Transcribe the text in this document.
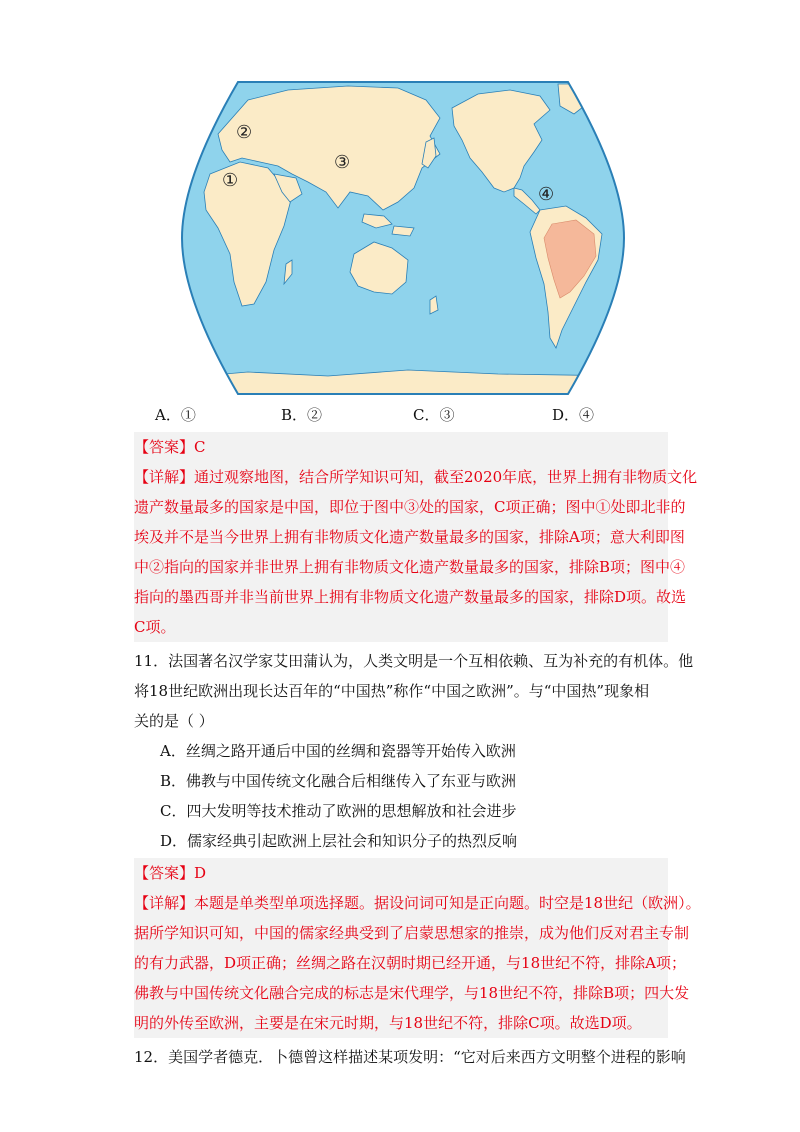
①
②
③
④
A．①	B．②	C．③	D．④
【答案】C
【详解】通过观察地图，结合所学知识可知，截至2020年底，世界上拥有非物质文化
遗产数量最多的国家是中国，即位于图中③处的国家，C项正确；图中①处即北非的
埃及并不是当今世界上拥有非物质文化遗产数量最多的国家，排除A项；意大利即图
中②指向的国家并非世界上拥有非物质文化遗产数量最多的国家，排除B项；图中④
指向的墨西哥并非当前世界上拥有非物质文化遗产数量最多的国家，排除D项。故选
C项。
11．法国著名汉学家艾田蒲认为，人类文明是一个互相依赖、互为补充的有机体。他
将18世纪欧洲出现长达百年的“中国热”称作“中国之欧洲”。与“中国热”现象相
关的是（ ）
A．丝绸之路开通后中国的丝绸和瓷器等开始传入欧洲
B．佛教与中国传统文化融合后相继传入了东亚与欧洲
C．四大发明等技术推动了欧洲的思想解放和社会进步
D．儒家经典引起欧洲上层社会和知识分子的热烈反响
【答案】D
【详解】本题是单类型单项选择题。据设问词可知是正向题。时空是18世纪（欧洲）。
据所学知识可知，中国的儒家经典受到了启蒙思想家的推崇，成为他们反对君主专制
的有力武器，D项正确；丝绸之路在汉朝时期已经开通，与18世纪不符，排除A项；
佛教与中国传统文化融合完成的标志是宋代理学，与18世纪不符，排除B项；四大发
明的外传至欧洲，主要是在宋元时期，与18世纪不符，排除C项。故选D项。
12．美国学者德克．卜德曾这样描述某项发明：“它对后来西方文明整个进程的影响
